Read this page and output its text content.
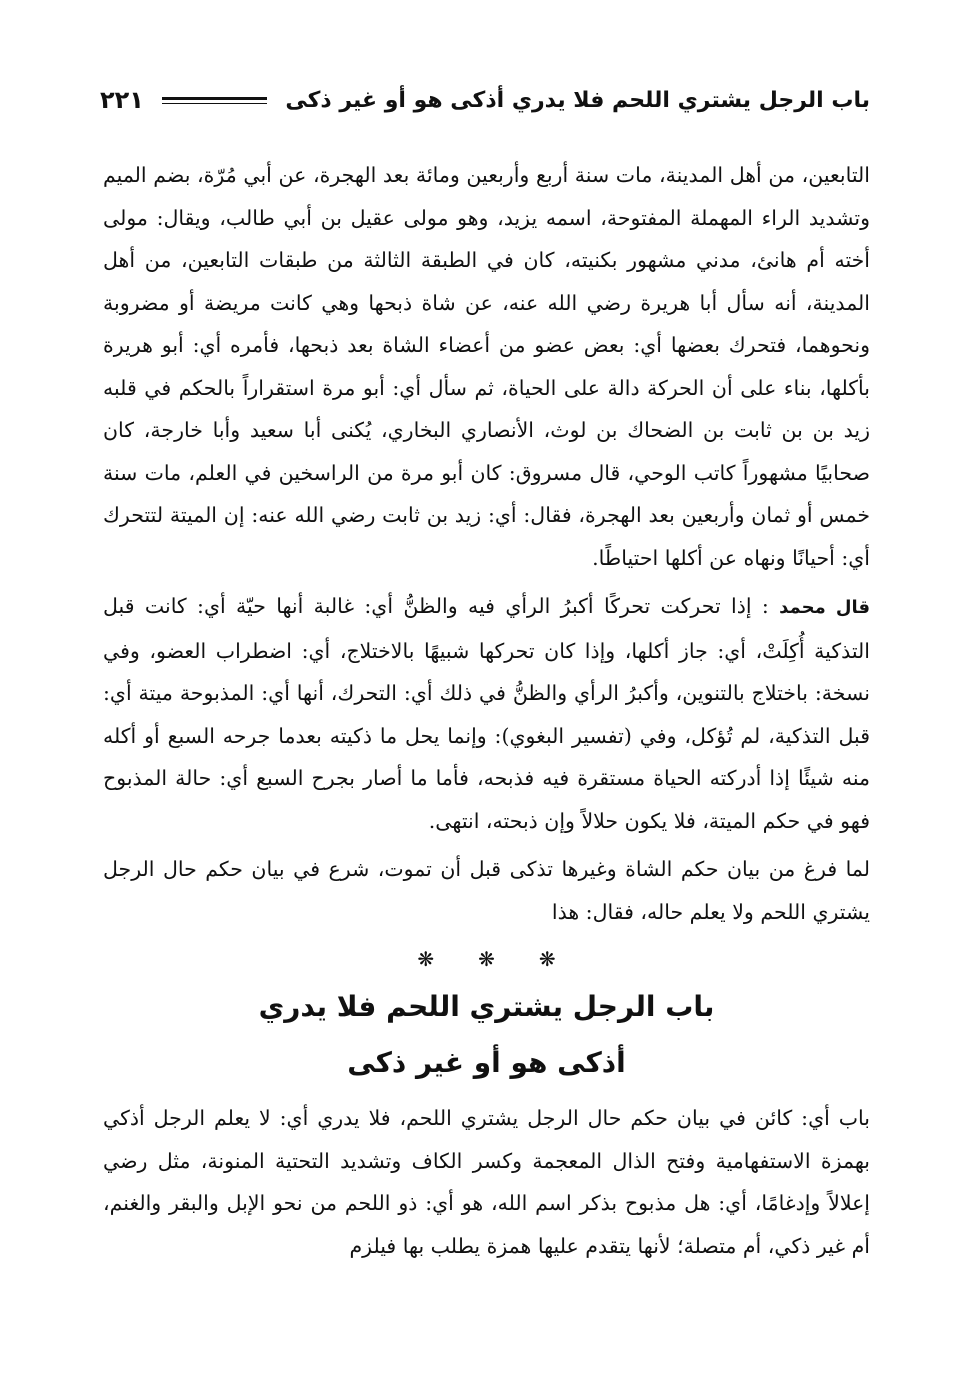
باب الرجل يشتري اللحم فلا يدري أذكى هو أو غير ذكى
٢٢١

التابعين، من أهل المدينة، مات سنة أربع وأربعين ومائة بعد الهجرة، عن أبي مُرّة، بضم الميم وتشديد الراء المهملة المفتوحة، اسمه يزيد، وهو مولى عقيل بن أبي طالب، ويقال: مولى أخته أم هانئ، مدني مشهور بكنيته، كان في الطبقة الثالثة من طبقات التابعين، من أهل المدينة، أنه سأل أبا هريرة رضي الله عنه، عن شاة ذبحها وهي كانت مريضة أو مضروبة ونحوهما، فتحرك بعضها أي: بعض عضو من أعضاء الشاة بعد ذبحها، فأمره أي: أبو هريرة بأكلها، بناء على أن الحركة دالة على الحياة، ثم سأل أي: أبو مرة استقراراً بالحكم في قلبه زيد بن بن ثابت بن الضحاك بن لوث، الأنصاري البخاري، يُكنى أبا سعيد وأبا خارجة، كان صحابيًا مشهوراً كاتب الوحي، قال مسروق: كان أبو مرة من الراسخين في العلم، مات سنة خمس أو ثمان وأربعين بعد الهجرة، فقال: أي: زيد بن ثابت رضي الله عنه: إن الميتة لتتحرك أي: أحيانًا ونهاه عن أكلها احتياطًا.

قال محمد : إذا تحركت تحركًا أكبرُ الرأي فيه والظنُّ أي: غالبة أنها حيّة أي: كانت قبل التذكية أُكِلَتْ، أي: جاز أكلها، وإذا كان تحركها شبيهًا بالاختلاج، أي: اضطراب العضو، وفي نسخة: باختلاج بالتنوين، وأكبرُ الرأي والظنُّ في ذلك أي: التحرك، أنها أي: المذبوحة ميتة أي: قبل التذكية، لم تُؤكل، وفي (تفسير البغوي): وإنما يحل ما ذكيته بعدما جرحه السبع أو أكله منه شيئًا إذا أدركته الحياة مستقرة فيه فذبحه، فأما ما أصار بجرح السبع أي: حالة المذبوح فهو في حكم الميتة، فلا يكون حلالاً وإن ذبحته، انتهى.

لما فرغ من بيان حكم الشاة وغيرها تذكى قبل أن تموت، شرع في بيان حكم حال الرجل يشتري اللحم ولا يعلم حاله، فقال: هذا

❋ ❋ ❋
باب الرجل يشتري اللحم فلا يدري
أذكى هو أو غير ذكى

باب أي: كائن في بيان حكم حال الرجل يشتري اللحم، فلا يدري أي: لا يعلم الرجل أذكي بهمزة الاستفهامية وفتح الذال المعجمة وكسر الكاف وتشديد التحتية المنونة، مثل رضي إعلالاً وإدغامًا، أي: هل مذبوح بذكر اسم الله، هو أي: ذو اللحم من نحو الإبل والبقر والغنم، أم غير ذكي، أم متصلة؛ لأنها يتقدم عليها همزة يطلب بها فيلزم
